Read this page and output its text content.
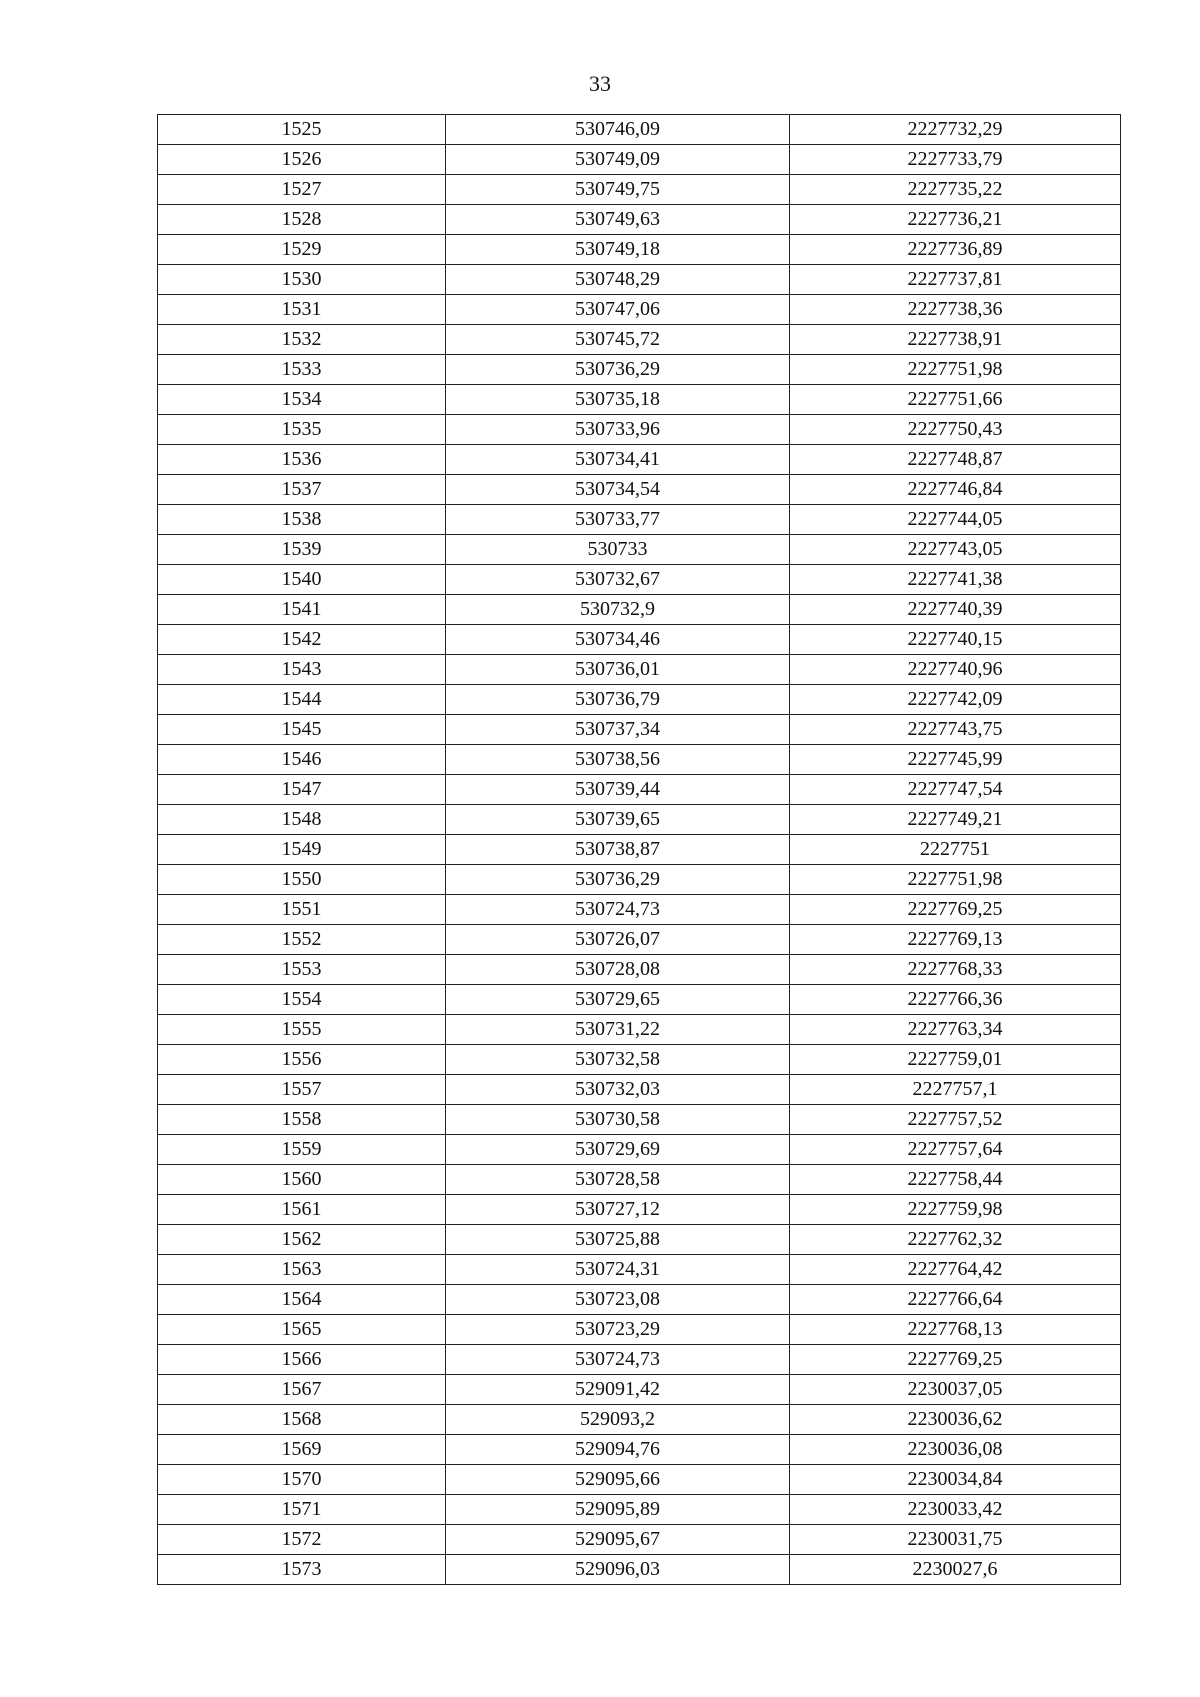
33
1525	530746,09	2227732,29
1526	530749,09	2227733,79
1527	530749,75	2227735,22
1528	530749,63	2227736,21
1529	530749,18	2227736,89
1530	530748,29	2227737,81
1531	530747,06	2227738,36
1532	530745,72	2227738,91
1533	530736,29	2227751,98
1534	530735,18	2227751,66
1535	530733,96	2227750,43
1536	530734,41	2227748,87
1537	530734,54	2227746,84
1538	530733,77	2227744,05
1539	530733	2227743,05
1540	530732,67	2227741,38
1541	530732,9	2227740,39
1542	530734,46	2227740,15
1543	530736,01	2227740,96
1544	530736,79	2227742,09
1545	530737,34	2227743,75
1546	530738,56	2227745,99
1547	530739,44	2227747,54
1548	530739,65	2227749,21
1549	530738,87	2227751
1550	530736,29	2227751,98
1551	530724,73	2227769,25
1552	530726,07	2227769,13
1553	530728,08	2227768,33
1554	530729,65	2227766,36
1555	530731,22	2227763,34
1556	530732,58	2227759,01
1557	530732,03	2227757,1
1558	530730,58	2227757,52
1559	530729,69	2227757,64
1560	530728,58	2227758,44
1561	530727,12	2227759,98
1562	530725,88	2227762,32
1563	530724,31	2227764,42
1564	530723,08	2227766,64
1565	530723,29	2227768,13
1566	530724,73	2227769,25
1567	529091,42	2230037,05
1568	529093,2	2230036,62
1569	529094,76	2230036,08
1570	529095,66	2230034,84
1571	529095,89	2230033,42
1572	529095,67	2230031,75
1573	529096,03	2230027,6
